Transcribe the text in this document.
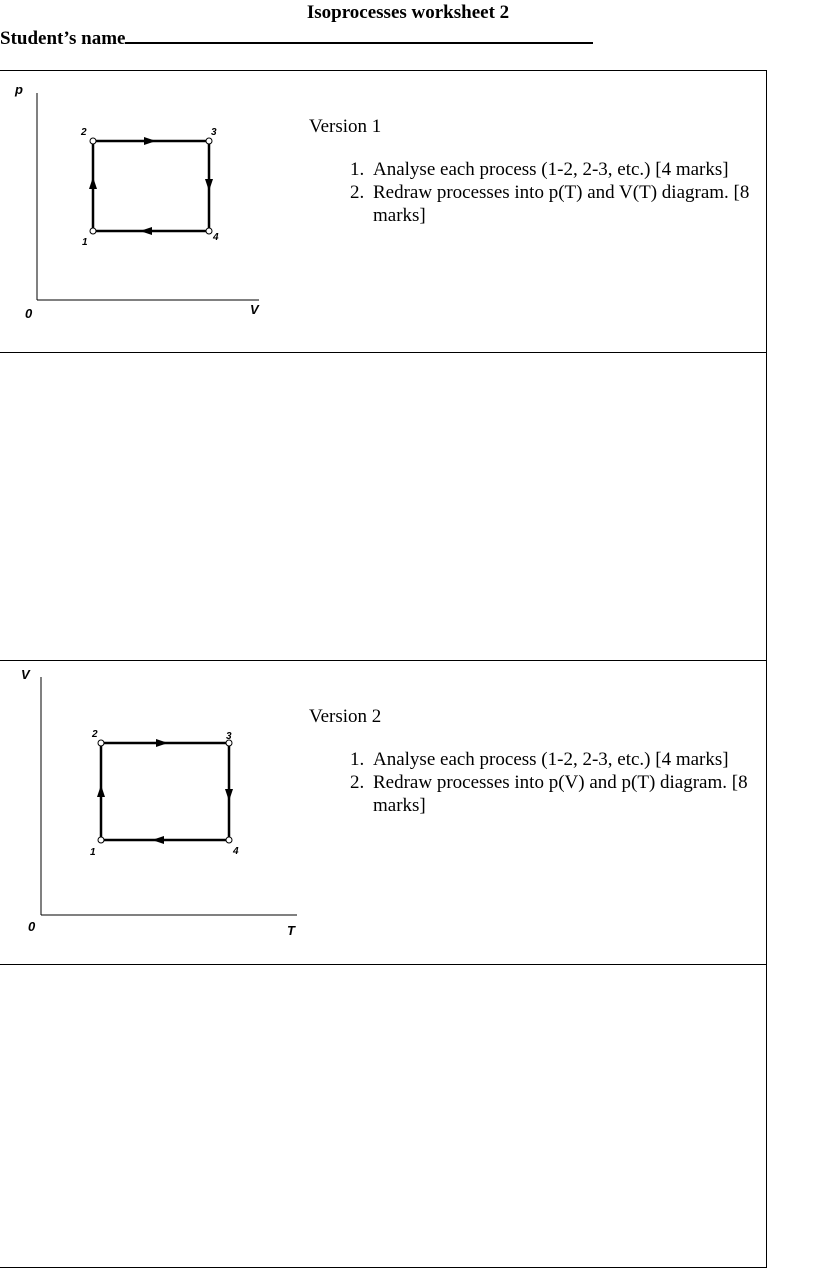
Isoprocesses worksheet 2
Student’s name
p
0	V
1
2	3
4
Version 1
1. Analyse each process (1-2, 2-3, etc.) [4 marks]
2. Redraw processes into p(T) and V(T) diagram. [8 marks]
V
0	T
1
2	3
4
Version 2
1. Analyse each process (1-2, 2-3, etc.) [4 marks]
2. Redraw processes into p(V) and p(T) diagram. [8 marks]
